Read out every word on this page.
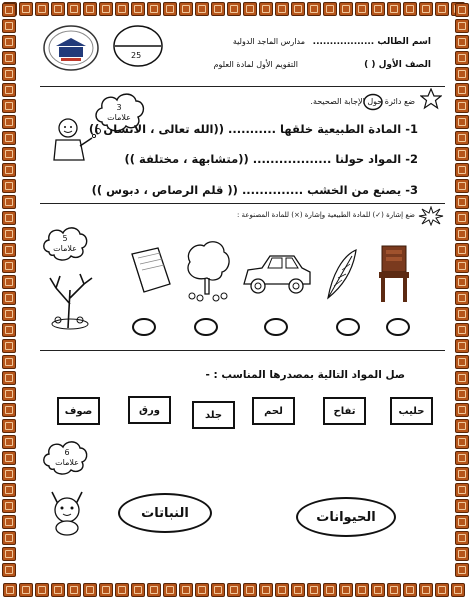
25
اسم الطالب ..................
مدارس الماجد الدولية
الصف الأول ( )
التقويم الأول لمادة العلوم
ضع دائرة حول الإجابة الصحيحة.
3
علامات
1- المادة الطبيعية خلقها ........... ((الله تعالى ، الانسان ))
2- المواد حولنا .................. ((متشابهة ، مختلفة ))
3- يصنع من الخشب .............. (( قلم الرصاص ، دبوس ))
ضع إشارة (✓) للمادة الطبيعية وإشارة (×) للمادة المصنوعة :
5
علامات
صل المواد التالية بمصدرها المناسب : -
حليب
تفاح
لحم
جلد
ورق
صوف
6
علامات
الحيوانات
النباتات
